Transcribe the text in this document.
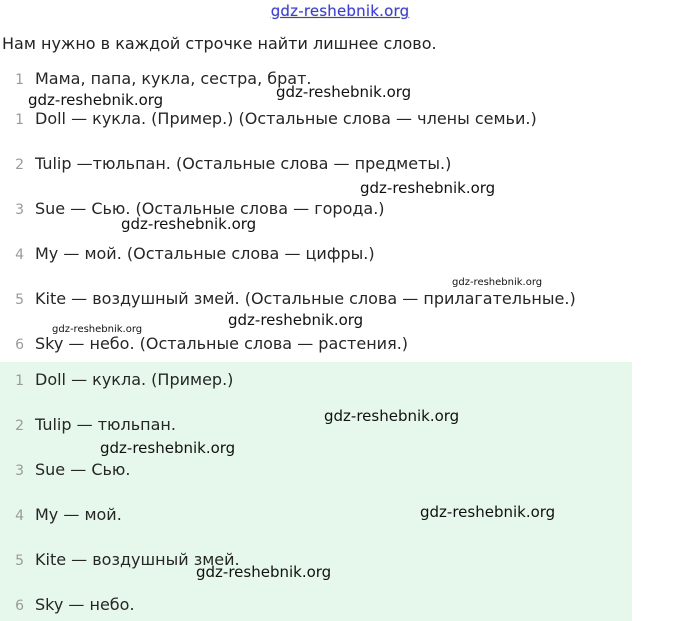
gdz-reshebnik.org
Нам нужно в каждой строчке найти лишнее слово.
1 Мама, папа, кукла, сестра, брат.
1 Doll — кукла. (Пример.) (Остальные слова — члены семьи.)
2 Tulip —тюльпан. (Остальные слова — предметы.)
3 Sue — Сью. (Остальные слова — города.)
4 My — мой. (Остальные слова — цифры.)
5 Kite — воздушный змей. (Остальные слова — прилагательные.)
6 Sky — небо. (Остальные слова — растения.)
1 Doll — кукла. (Пример.)
2 Tulip — тюльпан.
3 Sue — Сью.
4 My — мой.
5 Kite — воздушный змей.
6 Sky — небо.
gdz-reshebnik.org	gdz-reshebnik.org
gdz-reshebnik.org
gdz-reshebnik.org
gdz-reshebnik.org
gdz-reshebnik.org
gdz-reshebnik.org
gdz-reshebnik.org
gdz-reshebnik.org
gdz-reshebnik.org
gdz-reshebnik.org
